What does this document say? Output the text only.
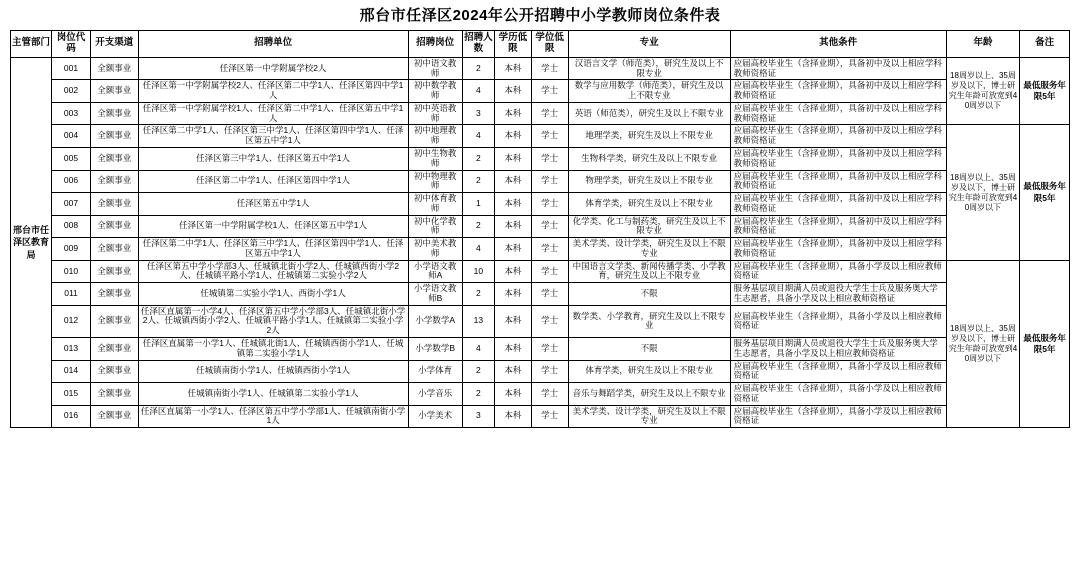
邢台市任泽区2024年公开招聘中小学教师岗位条件表
主管部门	岗位代码	开支渠道	招聘单位	招聘岗位	招聘人数	学历低限	学位低限	专业	其他条件	年龄	备注
邢台市任泽区教育局	001	全额事业	任泽区第一中学附属学校2人	初中语文教师	2	本科	学士	汉语言文学（师范类），研究生及以上不限专业	应届高校毕业生（含择业期），具备初中及以上相应学科教师资格证	18周岁以上、35周岁及以下，博士研究生年龄可放宽到40周岁以下	最低服务年限5年
	002	全额事业	任泽区第一中学附属学校2人、任泽区第二中学1人、任泽区第四中学1人	初中数学教师	4	本科	学士	数学与应用数学（师范类），研究生及以上不限专业	应届高校毕业生（含择业期），具备初中及以上相应学科教师资格证		
	003	全额事业	任泽区第一中学附属学校1人、任泽区第二中学1人、任泽区第五中学1人	初中英语教师	3	本科	学士	英语（师范类），研究生及以上不限专业	应届高校毕业生（含择业期），具备初中及以上相应学科教师资格证		
	004	全额事业	任泽区第二中学1人、任泽区第三中学1人、任泽区第四中学1人、任泽区第五中学1人	初中地理教师	4	本科	学士	地理学类，研究生及以上不限专业	应届高校毕业生（含择业期），具备初中及以上相应学科教师资格证	18周岁以上、35周岁及以下，博士研究生年龄可放宽到40周岁以下	最低服务年限5年
	005	全额事业	任泽区第三中学1人、任泽区第五中学1人	初中生物教师	2	本科	学士	生物科学类，研究生及以上不限专业	应届高校毕业生（含择业期），具备初中及以上相应学科教师资格证		
	006	全额事业	任泽区第二中学1人、任泽区第四中学1人	初中物理教师	2	本科	学士	物理学类，研究生及以上不限专业	应届高校毕业生（含择业期），具备初中及以上相应学科教师资格证		
	007	全额事业	任泽区第五中学1人	初中体育教师	1	本科	学士	体育学类，研究生及以上不限专业	应届高校毕业生（含择业期），具备初中及以上相应学科教师资格证		
	008	全额事业	任泽区第一中学附属学校1人、任泽区第五中学1人	初中化学教师	2	本科	学士	化学类、化工与制药类，研究生及以上不限专业	应届高校毕业生（含择业期），具备初中及以上相应学科教师资格证		
	009	全额事业	任泽区第二中学1人、任泽区第三中学1人、任泽区第四中学1人、任泽区第五中学1人	初中美术教师	4	本科	学士	美术学类、设计学类，研究生及以上不限专业	应届高校毕业生（含择业期），具备初中及以上相应学科教师资格证		
	010	全额事业	任泽区第五中学小学部3人、任城镇北街小学2人、任城镇西街小学2人、任城镇平路小学1人、任城镇第二实验小学2人	小学语文教师A	10	本科	学士	中国语言文学类、新闻传播学类、小学教育，研究生及以上不限专业	应届高校毕业生（含择业期），具备小学及以上相应教师资格证	18周岁以上、35周岁及以下，博士研究生年龄可放宽到40周岁以下	最低服务年限5年
	011	全额事业	任城镇第二实验小学1人、西街小学1人	小学语文教师B	2	本科	学士	不限	服务基层项目期满人员或退役大学生士兵及服务奥大学生志愿者，具备小学及以上相应教师资格证		
	012	全额事业	任泽区直属第一小学4人、任泽区第五中学小学部3人、任城镇北街小学2人、任城镇西街小学2人、任城镇平路小学1人、任城镇第二实验小学2人	小学数学A	13	本科	学士	数学类、小学教育，研究生及以上不限专业	应届高校毕业生（含择业期），具备小学及以上相应教师资格证		
	013	全额事业	任泽区直属第一小学1人、任城镇北街1人、任城镇西街小学1人、任城镇第二实验小学1人	小学数学B	4	本科	学士	不限	服务基层项目期满人员或退役大学生士兵及服务奥大学生志愿者，具备小学及以上相应教师资格证		
	014	全额事业	任城镇南街小学1人、任城镇西街小学1人	小学体育	2	本科	学士	体育学类，研究生及以上不限专业	应届高校毕业生（含择业期），具备小学及以上相应教师资格证		
	015	全额事业	任城镇南街小学1人、任城镇第二实验小学1人	小学音乐	2	本科	学士	音乐与舞蹈学类，研究生及以上不限专业	应届高校毕业生（含择业期），具备小学及以上相应教师资格证		
	016	全额事业	任泽区直属第一小学1人、任泽区第五中学小学部1人、任城镇南街小学1人	小学美术	3	本科	学士	美术学类、设计学类，研究生及以上不限专业	应届高校毕业生（含择业期），具备小学及以上相应教师资格证		
